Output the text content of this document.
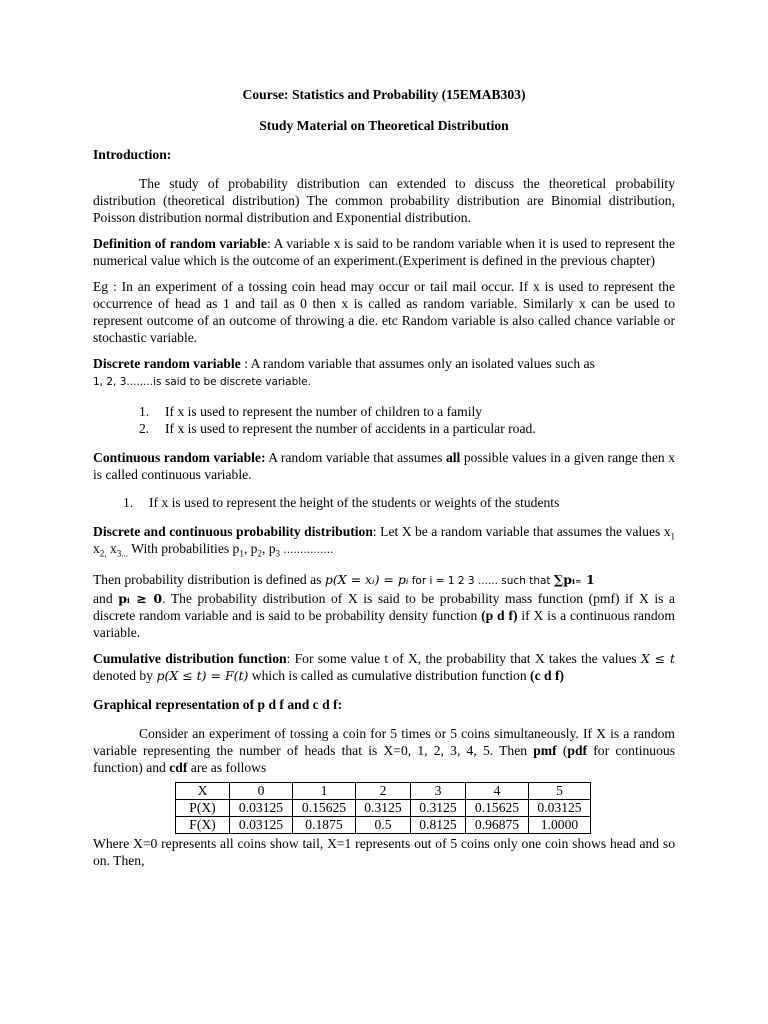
Course: Statistics and Probability (15EMAB303)
Study Material on Theoretical Distribution
Introduction:

The study of probability distribution can extended to discuss the theoretical probability distribution (theoretical distribution) The common probability distribution are Binomial distribution, Poisson distribution normal distribution and Exponential distribution.

Definition of random variable: A variable x is said to be random variable when it is used to represent the numerical value which is the outcome of an experiment.(Experiment is defined in the previous chapter)

Eg : In an experiment of a tossing coin head may occur or tail mail occur. If x is used to represent the occurrence of head as 1 and tail as 0 then x is called as random variable. Similarly x can be used to represent outcome of an outcome of throwing a die. etc Random variable is also called chance variable or stochastic variable.

Discrete random variable : A random variable that assumes only an isolated values such as
1, 2, 3........is said to be discrete variable.

1. If x is used to represent the number of children to a family
2. If x is used to represent the number of accidents in a particular road.

Continuous random variable: A random variable that assumes all possible values in a given range then x is called continuous variable.

1. If x is used to represent the height of the students or weights of the students

Discrete and continuous probability distribution: Let X be a random variable that assumes the values $x_1$ $x_{2,}$ $x_{3...}$ With probabilities $p_1$, $p_2$, $p_3$ ...............

Then probability distribution is defined as p(X = xᵢ) = pᵢ for i = 1 2 3 ...... such that ∑pᵢ₌ 1
and pᵢ ≥ 0. The probability distribution of X is said to be probability mass function (pmf) if X is a discrete random variable and is said to be probability density function (p d f) if X is a continuous random variable.

Cumulative distribution function: For some value t of X, the probability that X takes the values X ≤ t denoted by p(X ≤ t) = F(t) which is called as cumulative distribution function (c d f)

Graphical representation of p d f and c d f:

Consider an experiment of tossing a coin for 5 times or 5 coins simultaneously. If X is a random variable representing the number of heads that is X=0, 1, 2, 3, 4, 5. Then pmf (pdf for continuous function) and cdf are as follows

X	0	1	2	3	4	5
P(X)	0.03125	0.15625	0.3125	0.3125	0.15625	0.03125
F(X)	0.03125	0.1875	0.5	0.8125	0.96875	1.0000

Where X=0 represents all coins show tail, X=1 represents out of 5 coins only one coin shows head and so on. Then,
